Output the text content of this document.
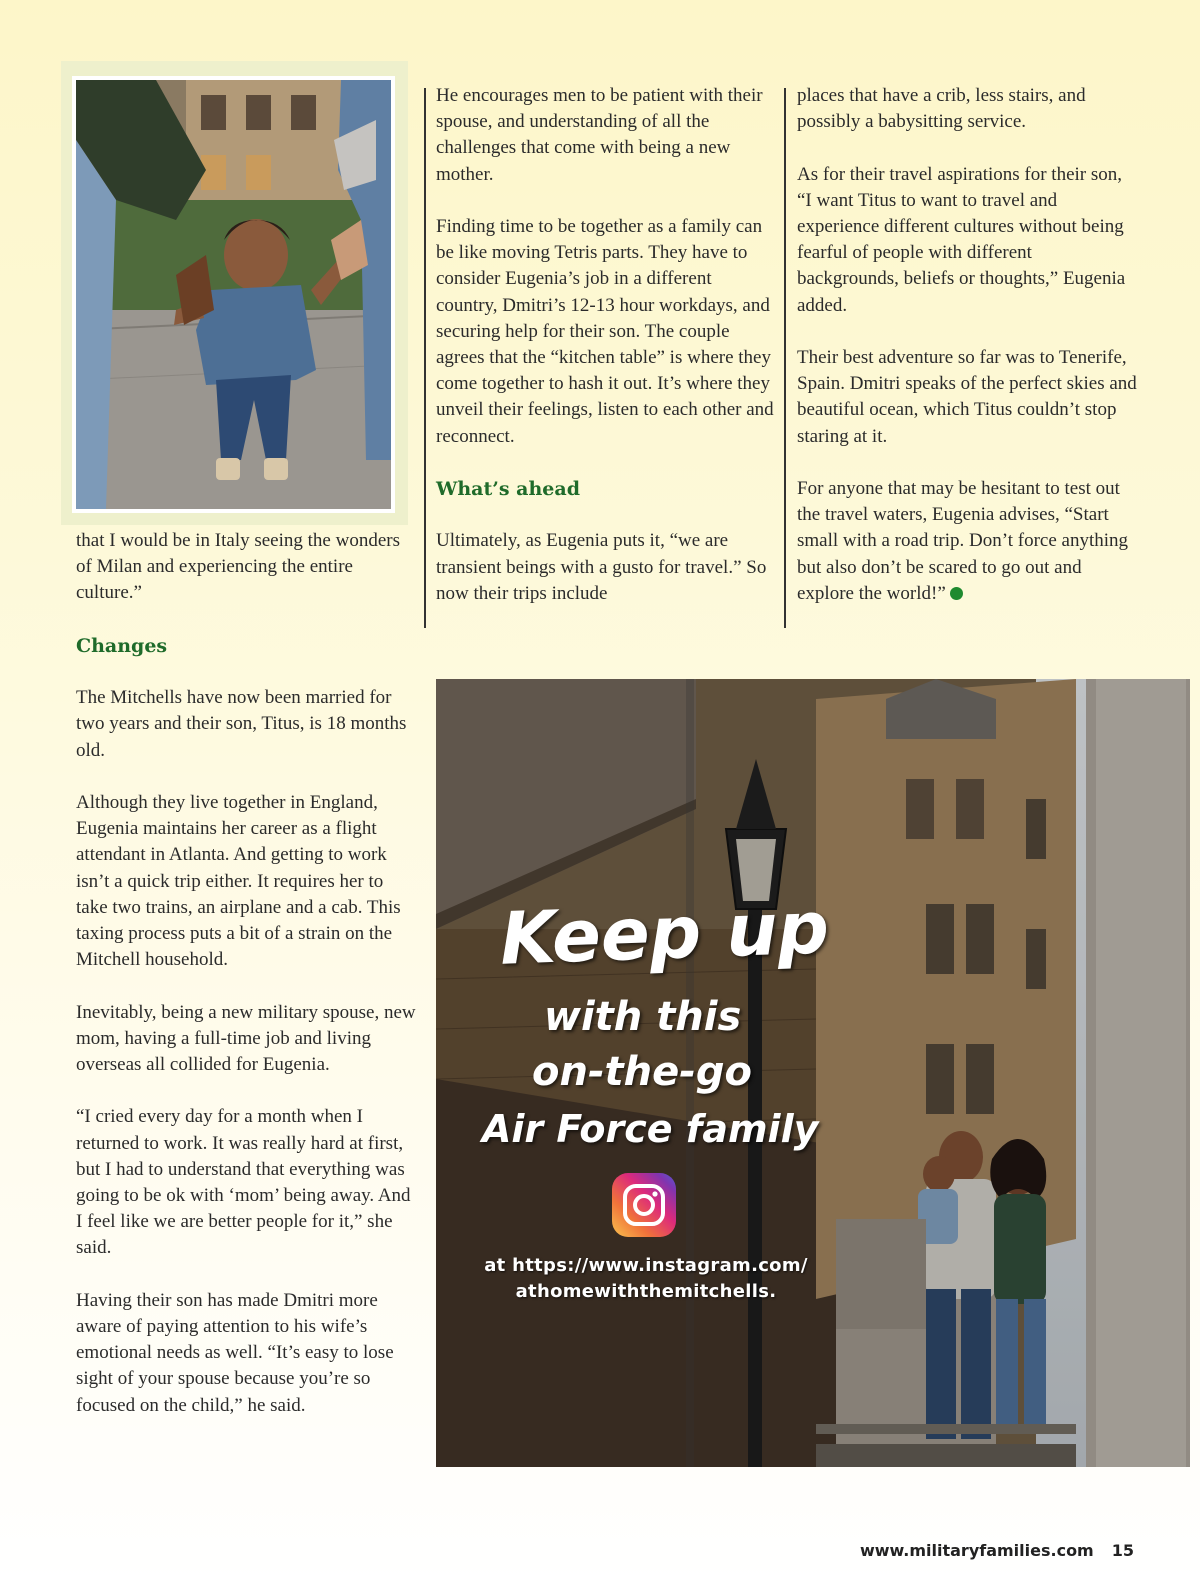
that I would be in Italy seeing the wonders of Milan and experiencing the entire culture.”

Changes

The Mitchells have now been married for two years and their son, Titus, is 18 months old.

Although they live together in England, Eugenia maintains her career as a flight attendant in Atlanta. And getting to work isn’t a quick trip either. It requires her to take two trains, an airplane and a cab. This taxing process puts a bit of a strain on the Mitchell household.

Inevitably, being a new military spouse, new mom, having a full-time job and living overseas all collided for Eugenia.

“I cried every day for a month when I returned to work. It was really hard at first, but I had to understand that everything was going to be ok with ‘mom’ being away. And I feel like we are better people for it,” she said.

Having their son has made Dmitri more aware of paying attention to his wife’s emotional needs as well. “It’s easy to lose sight of your spouse because you’re so focused on the child,” he said.

He encourages men to be patient with their spouse, and understanding of all the challenges that come with being a new mother.

Finding time to be together as a family can be like moving Tetris parts. They have to consider Eugenia’s job in a different country, Dmitri’s 12-13 hour workdays, and securing help for their son. The couple agrees that the “kitchen table” is where they come together to hash it out. It’s where they unveil their feelings, listen to each other and reconnect.

What’s ahead

Ultimately, as Eugenia puts it, “we are transient beings with a gusto for travel.” So now their trips include

places that have a crib, less stairs, and possibly a babysitting service.

As for their travel aspirations for their son, “I want Titus to want to travel and experience different cultures without being fearful of people with different backgrounds, beliefs or thoughts,” Eugenia added.

Their best adventure so far was to Tenerife, Spain. Dmitri speaks of the perfect skies and beautiful ocean, which Titus couldn’t stop staring at it.

For anyone that may be hesitant to test out the travel waters, Eugenia advises, “Start small with a road trip. Don’t force anything but also don’t be scared to go out and explore the world!”

Keep up
with this
on-the-go
Air Force family
at https://www.instagram.com/
athomewiththemitchells.
www.militaryfamilies.com 15
